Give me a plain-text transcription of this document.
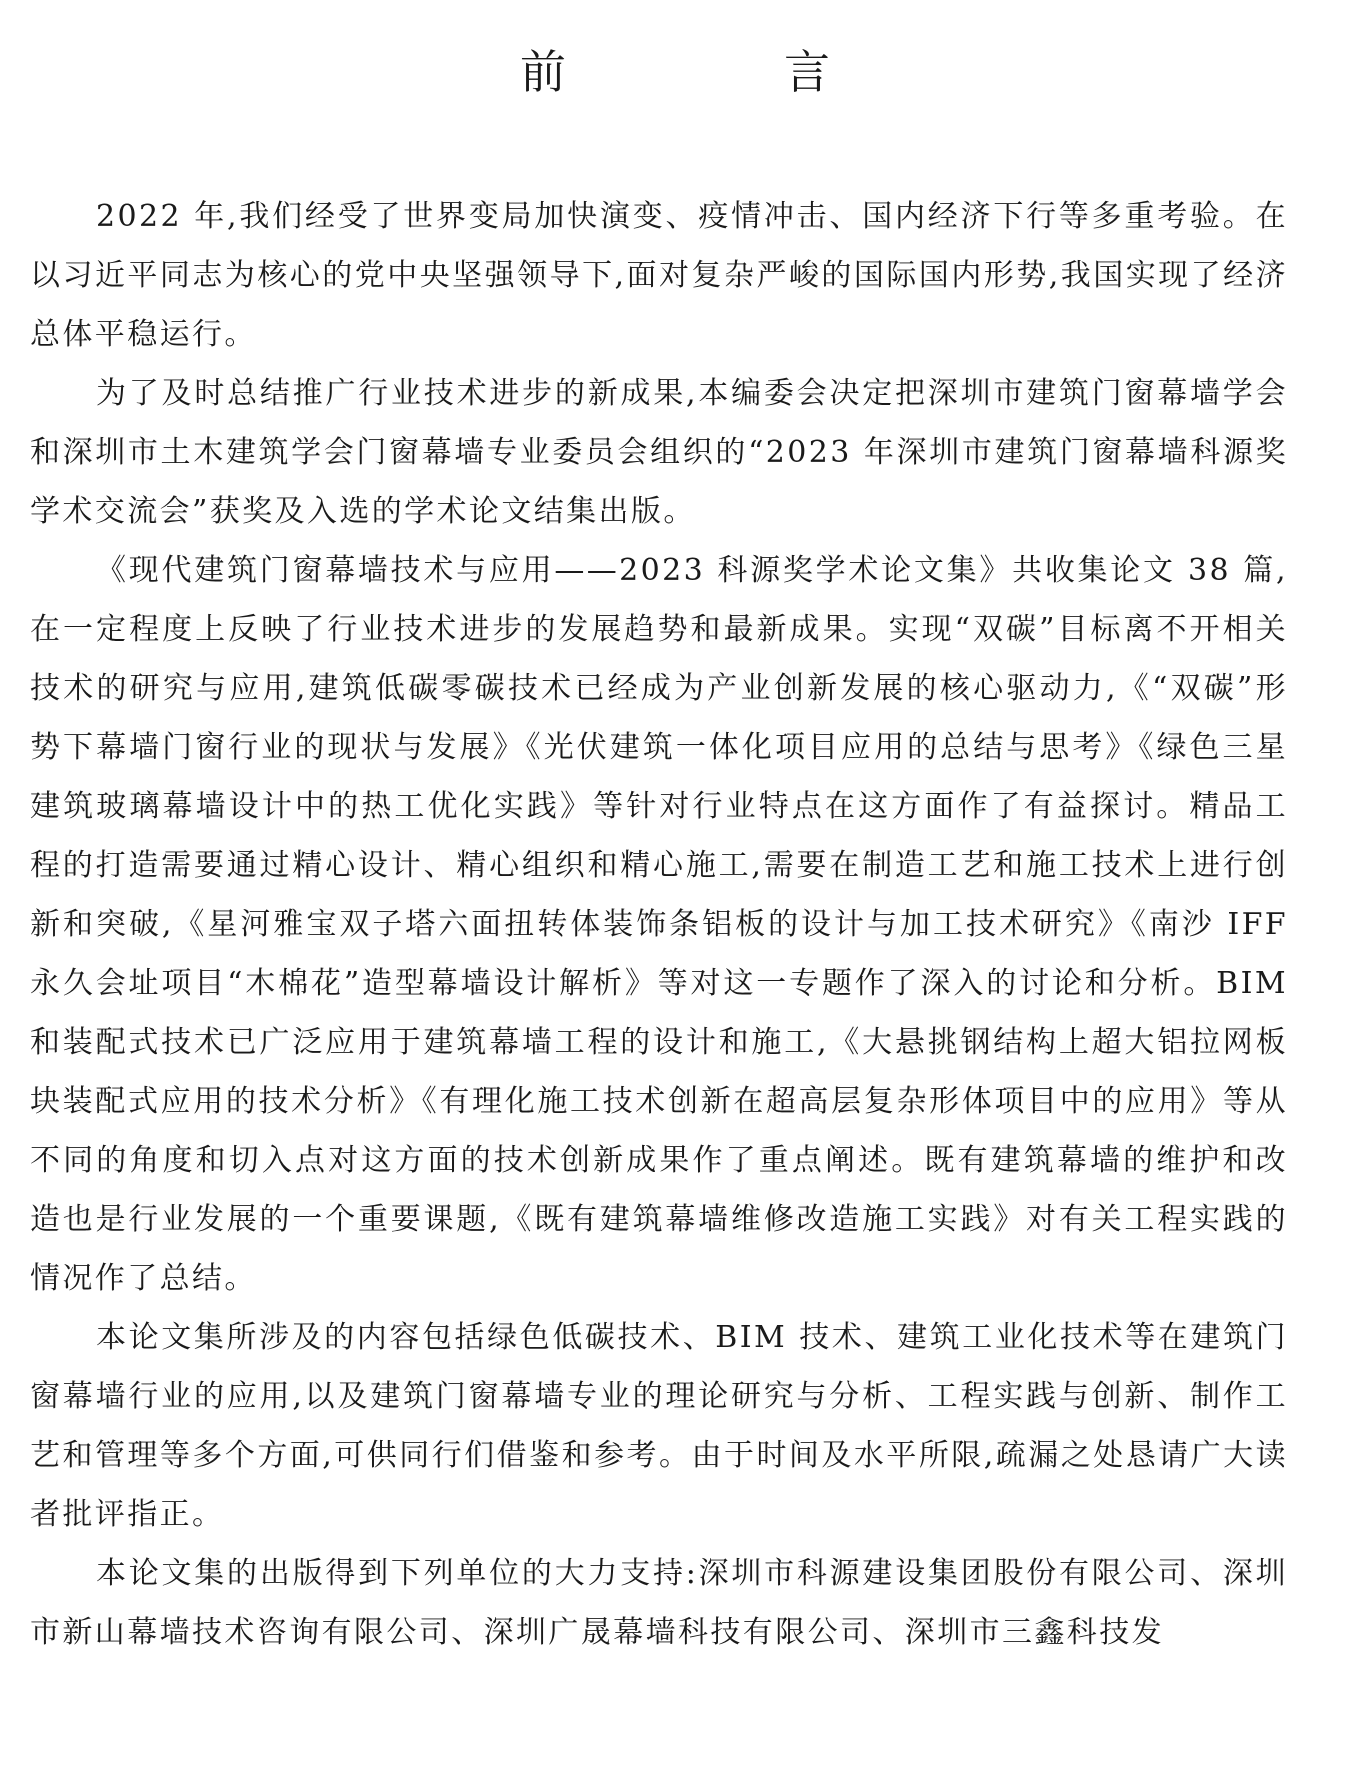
前　言

2022 年,我们经受了世界变局加快演变、疫情冲击、国内经济下行等多重考验。在以习近平同志为核心的党中央坚强领导下,面对复杂严峻的国际国内形势,我国实现了经济总体平稳运行。

为了及时总结推广行业技术进步的新成果,本编委会决定把深圳市建筑门窗幕墙学会和深圳市土木建筑学会门窗幕墙专业委员会组织的“2023 年深圳市建筑门窗幕墙科源奖学术交流会”获奖及入选的学术论文结集出版。

《现代建筑门窗幕墙技术与应用——2023 科源奖学术论文集》共收集论文 38 篇,在一定程度上反映了行业技术进步的发展趋势和最新成果。实现“双碳”目标离不开相关技术的研究与应用,建筑低碳零碳技术已经成为产业创新发展的核心驱动力,《“双碳”形势下幕墙门窗行业的现状与发展》《光伏建筑一体化项目应用的总结与思考》《绿色三星建筑玻璃幕墙设计中的热工优化实践》等针对行业特点在这方面作了有益探讨。精品工程的打造需要通过精心设计、精心组织和精心施工,需要在制造工艺和施工技术上进行创新和突破,《星河雅宝双子塔六面扭转体装饰条铝板的设计与加工技术研究》《南沙 IFF 永久会址项目“木棉花”造型幕墙设计解析》等对这一专题作了深入的讨论和分析。BIM 和装配式技术已广泛应用于建筑幕墙工程的设计和施工,《大悬挑钢结构上超大铝拉网板块装配式应用的技术分析》《有理化施工技术创新在超高层复杂形体项目中的应用》等从不同的角度和切入点对这方面的技术创新成果作了重点阐述。既有建筑幕墙的维护和改造也是行业发展的一个重要课题,《既有建筑幕墙维修改造施工实践》对有关工程实践的情况作了总结。

本论文集所涉及的内容包括绿色低碳技术、BIM 技术、建筑工业化技术等在建筑门窗幕墙行业的应用,以及建筑门窗幕墙专业的理论研究与分析、工程实践与创新、制作工艺和管理等多个方面,可供同行们借鉴和参考。由于时间及水平所限,疏漏之处恳请广大读者批评指正。

本论文集的出版得到下列单位的大力支持:深圳市科源建设集团股份有限公司、深圳市新山幕墙技术咨询有限公司、深圳广晟幕墙科技有限公司、深圳市三鑫科技发
